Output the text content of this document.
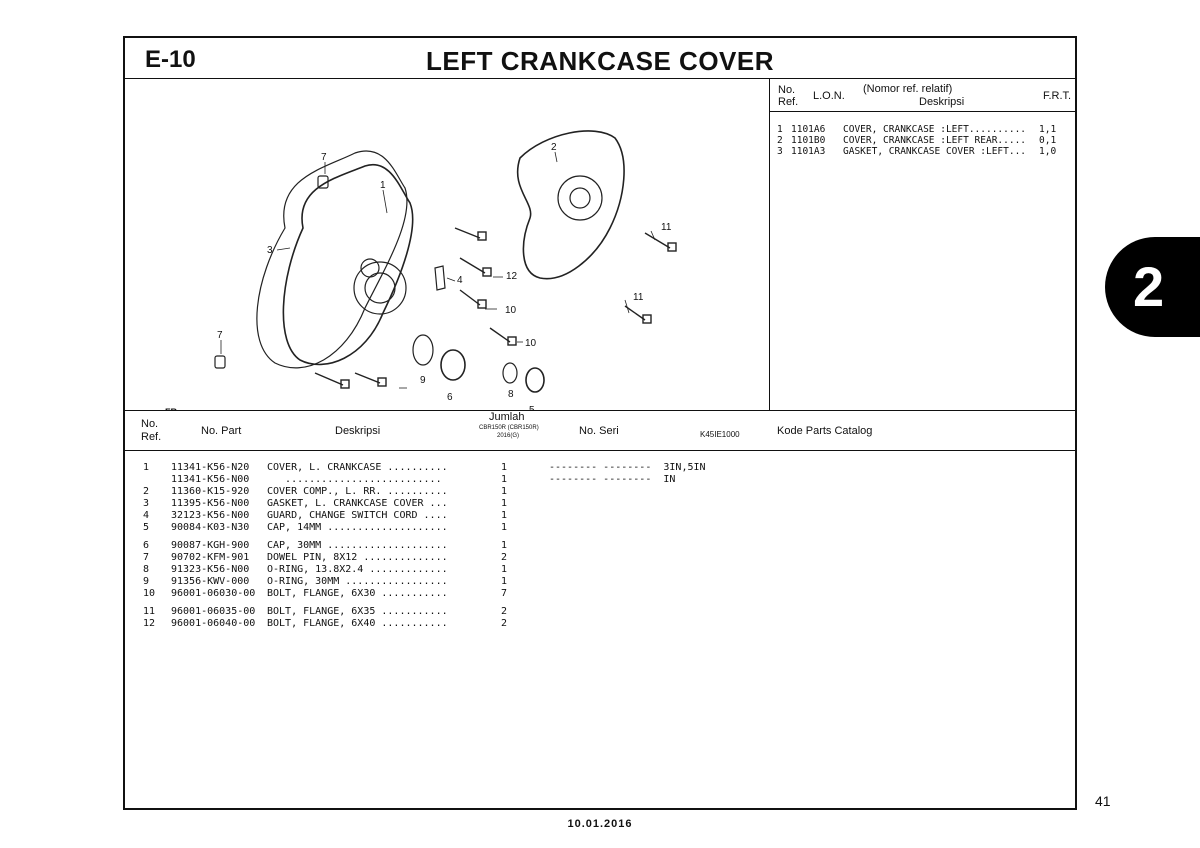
E-10	LEFT CRANKCASE COVER
7
1
2
3
7
4
6	8
9
10
10
11
11
12
K45IE1000
No.
Ref. L.O.N.
(Nomor ref. relatif)
Deskripsi	F.R.T.
1 1101A6	COVER, CRANKCASE :LEFT..........	1,1
2 1101B0	COVER, CRANKCASE :LEFT REAR.....	0,1
3 1101A3	GASKET, CRANKCASE COVER :LEFT...	1,0
No.
Ref.	No. Part	Deskripsi
Jumlah
CBR150R (CBR150R)
2016(G)	No. Seri	Kode Parts Catalog
1 11341-K56-N20 COVER, L. CRANKCASE ..........	1	-------- --------  3IN,5IN
11341-K56-N00 ..........................	1	-------- --------  IN
2 11360-K15-920 COVER COMP., L. RR. ..........	1
3 11395-K56-N00 GASKET, L. CRANKCASE COVER ...	1
4 32123-K56-N00 GUARD, CHANGE SWITCH CORD ....	1
5 90084-K03-N30 CAP, 14MM ....................	1
6 90087-KGH-900 CAP, 30MM ....................	1
7 90702-KFM-901 DOWEL PIN, 8X12 ..............	2
8 91323-K56-N00 O-RING, 13.8X2.4 .............	1
9 91356-KWV-000 O-RING, 30MM .................	1
10 96001-06030-00 BOLT, FLANGE, 6X30 ...........	7
11 96001-06035-00 BOLT, FLANGE, 6X35 ...........	2
12 96001-06040-00 BOLT, FLANGE, 6X40 ...........	2
2
41
10.01.2016
